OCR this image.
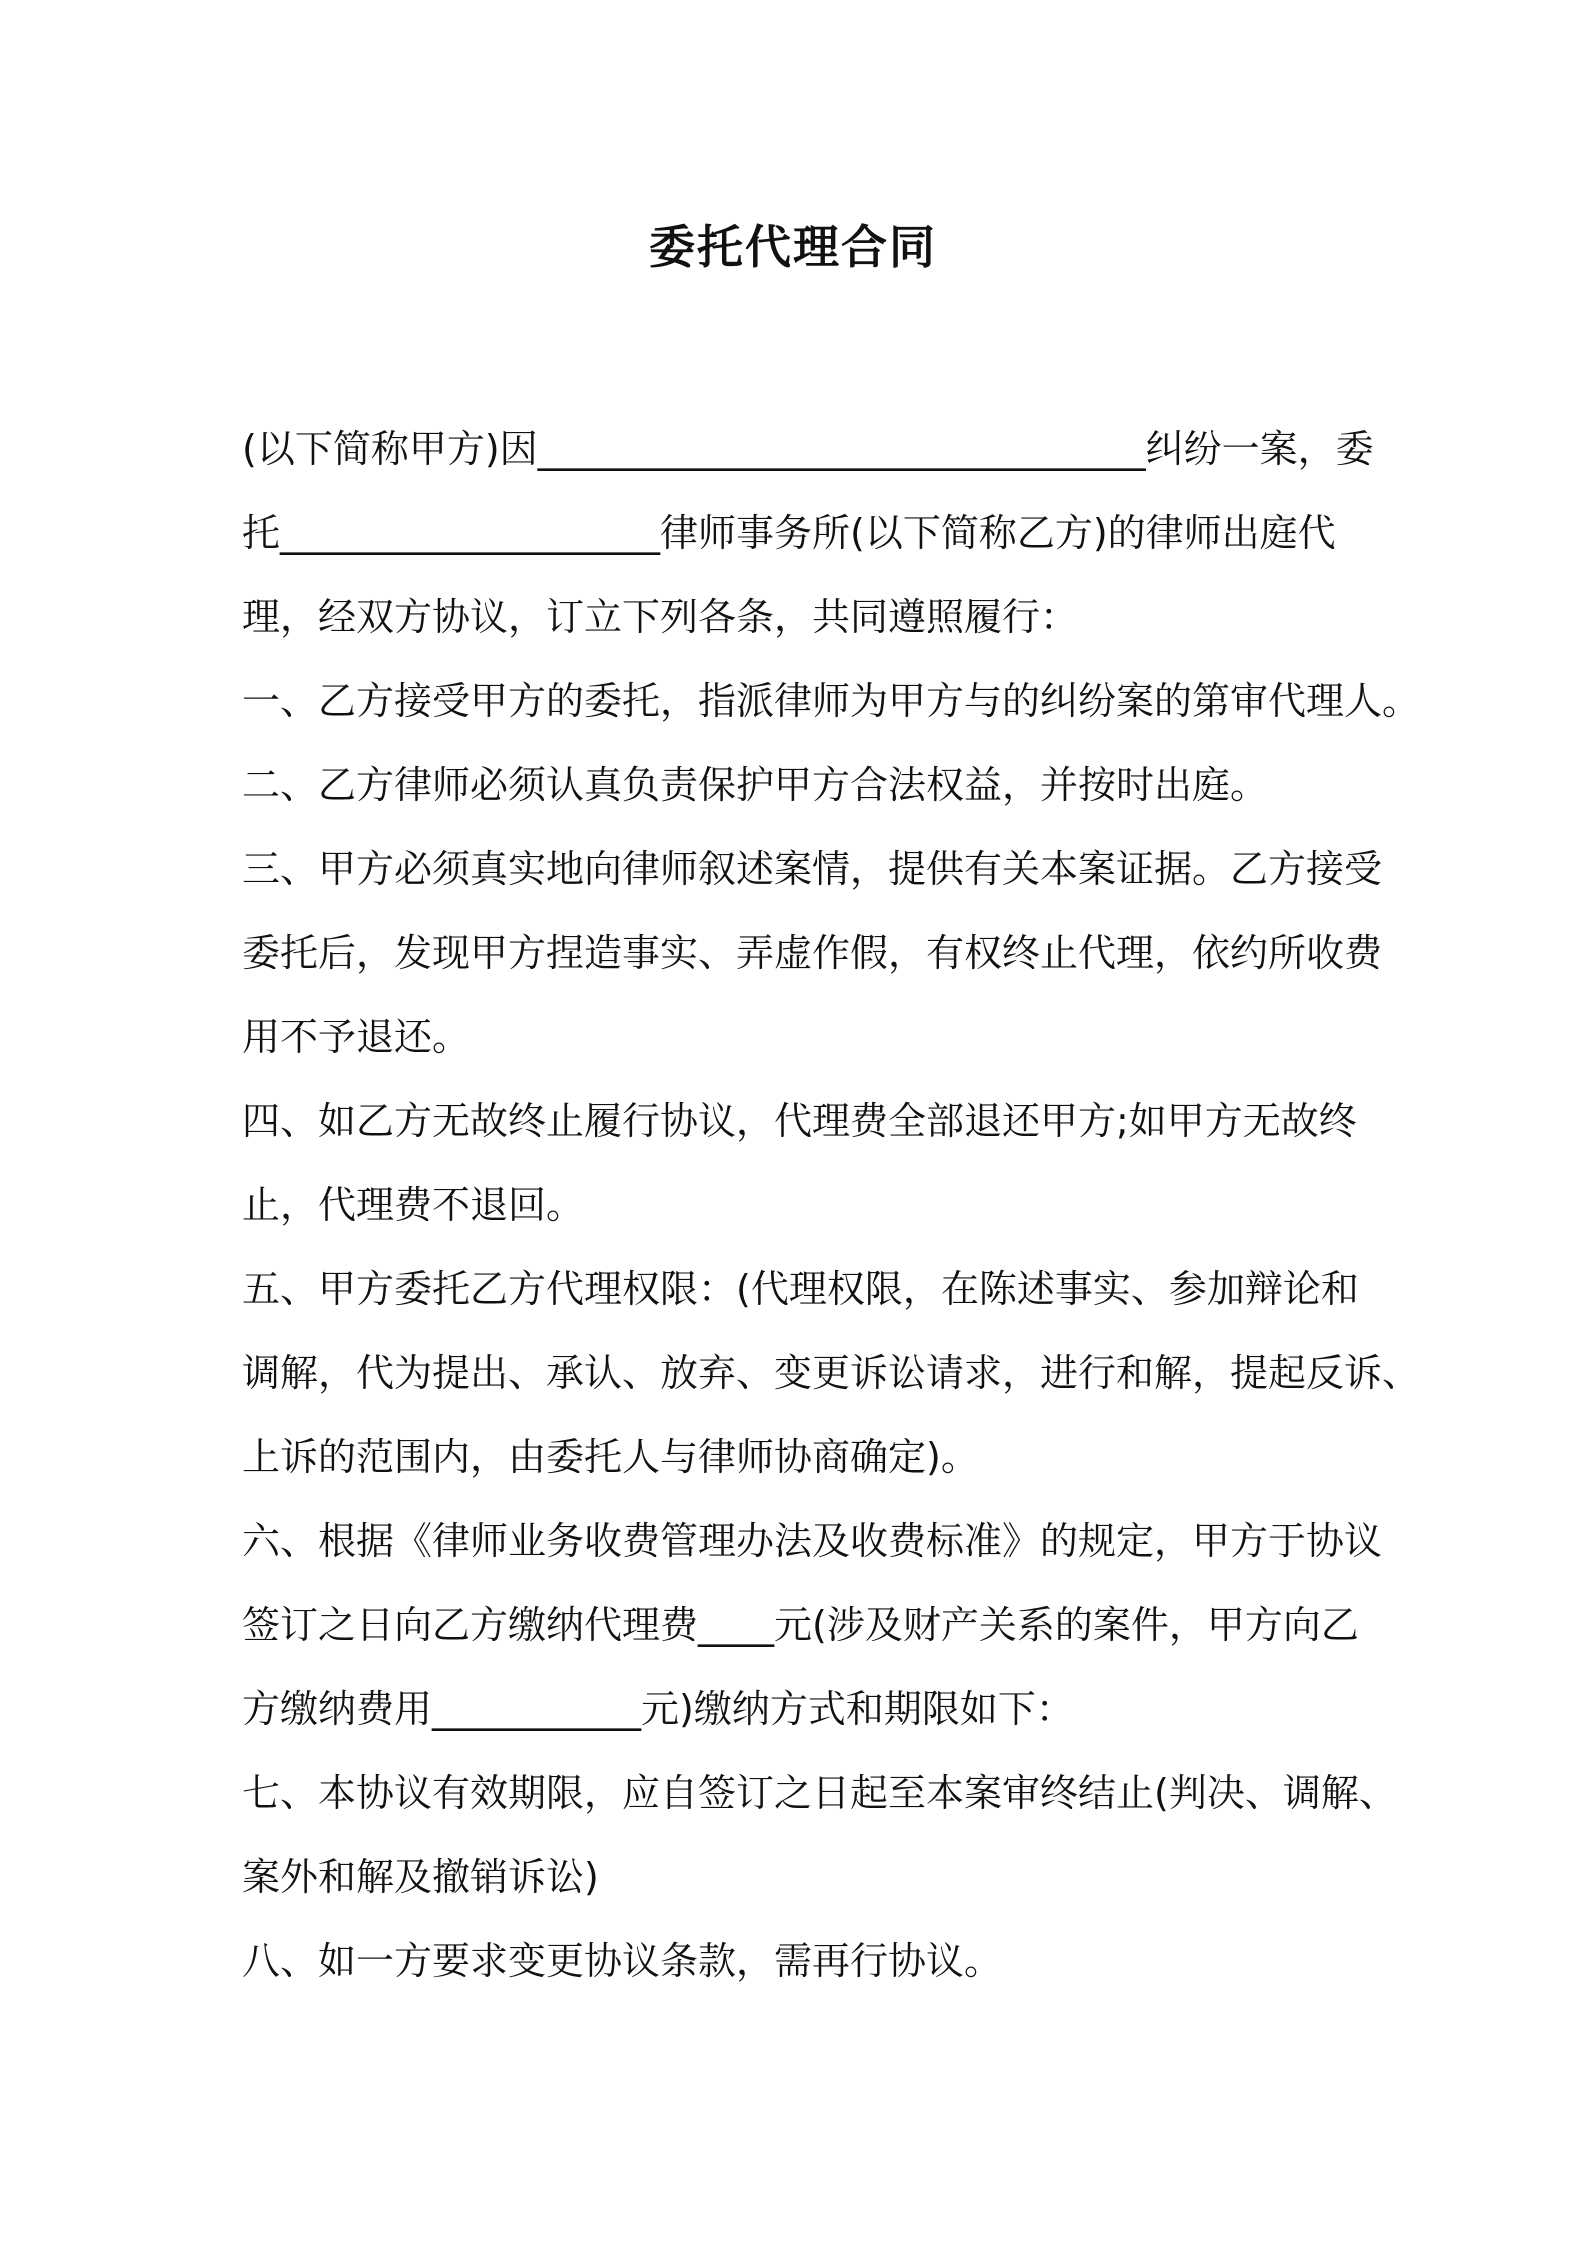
委托代理合同
(以下简称甲方)因________________________________纠纷一案，委
托____________________律师事务所(以下简称乙方)的律师出庭代
理，经双方协议，订立下列各条，共同遵照履行：
一、乙方接受甲方的委托，指派律师为甲方与的纠纷案的第审代理人。
二、乙方律师必须认真负责保护甲方合法权益，并按时出庭。
三、甲方必须真实地向律师叙述案情，提供有关本案证据。乙方接受
委托后，发现甲方捏造事实、弄虚作假，有权终止代理，依约所收费
用不予退还。
四、如乙方无故终止履行协议，代理费全部退还甲方;如甲方无故终
止，代理费不退回。
五、甲方委托乙方代理权限：(代理权限，在陈述事实、参加辩论和
调解，代为提出、承认、放弃、变更诉讼请求，进行和解，提起反诉、
上诉的范围内，由委托人与律师协商确定)。
六、根据《律师业务收费管理办法及收费标准》的规定，甲方于协议
签订之日向乙方缴纳代理费____元(涉及财产关系的案件，甲方向乙
方缴纳费用___________元)缴纳方式和期限如下：
七、本协议有效期限，应自签订之日起至本案审终结止(判决、调解、
案外和解及撤销诉讼)
八、如一方要求变更协议条款，需再行协议。
